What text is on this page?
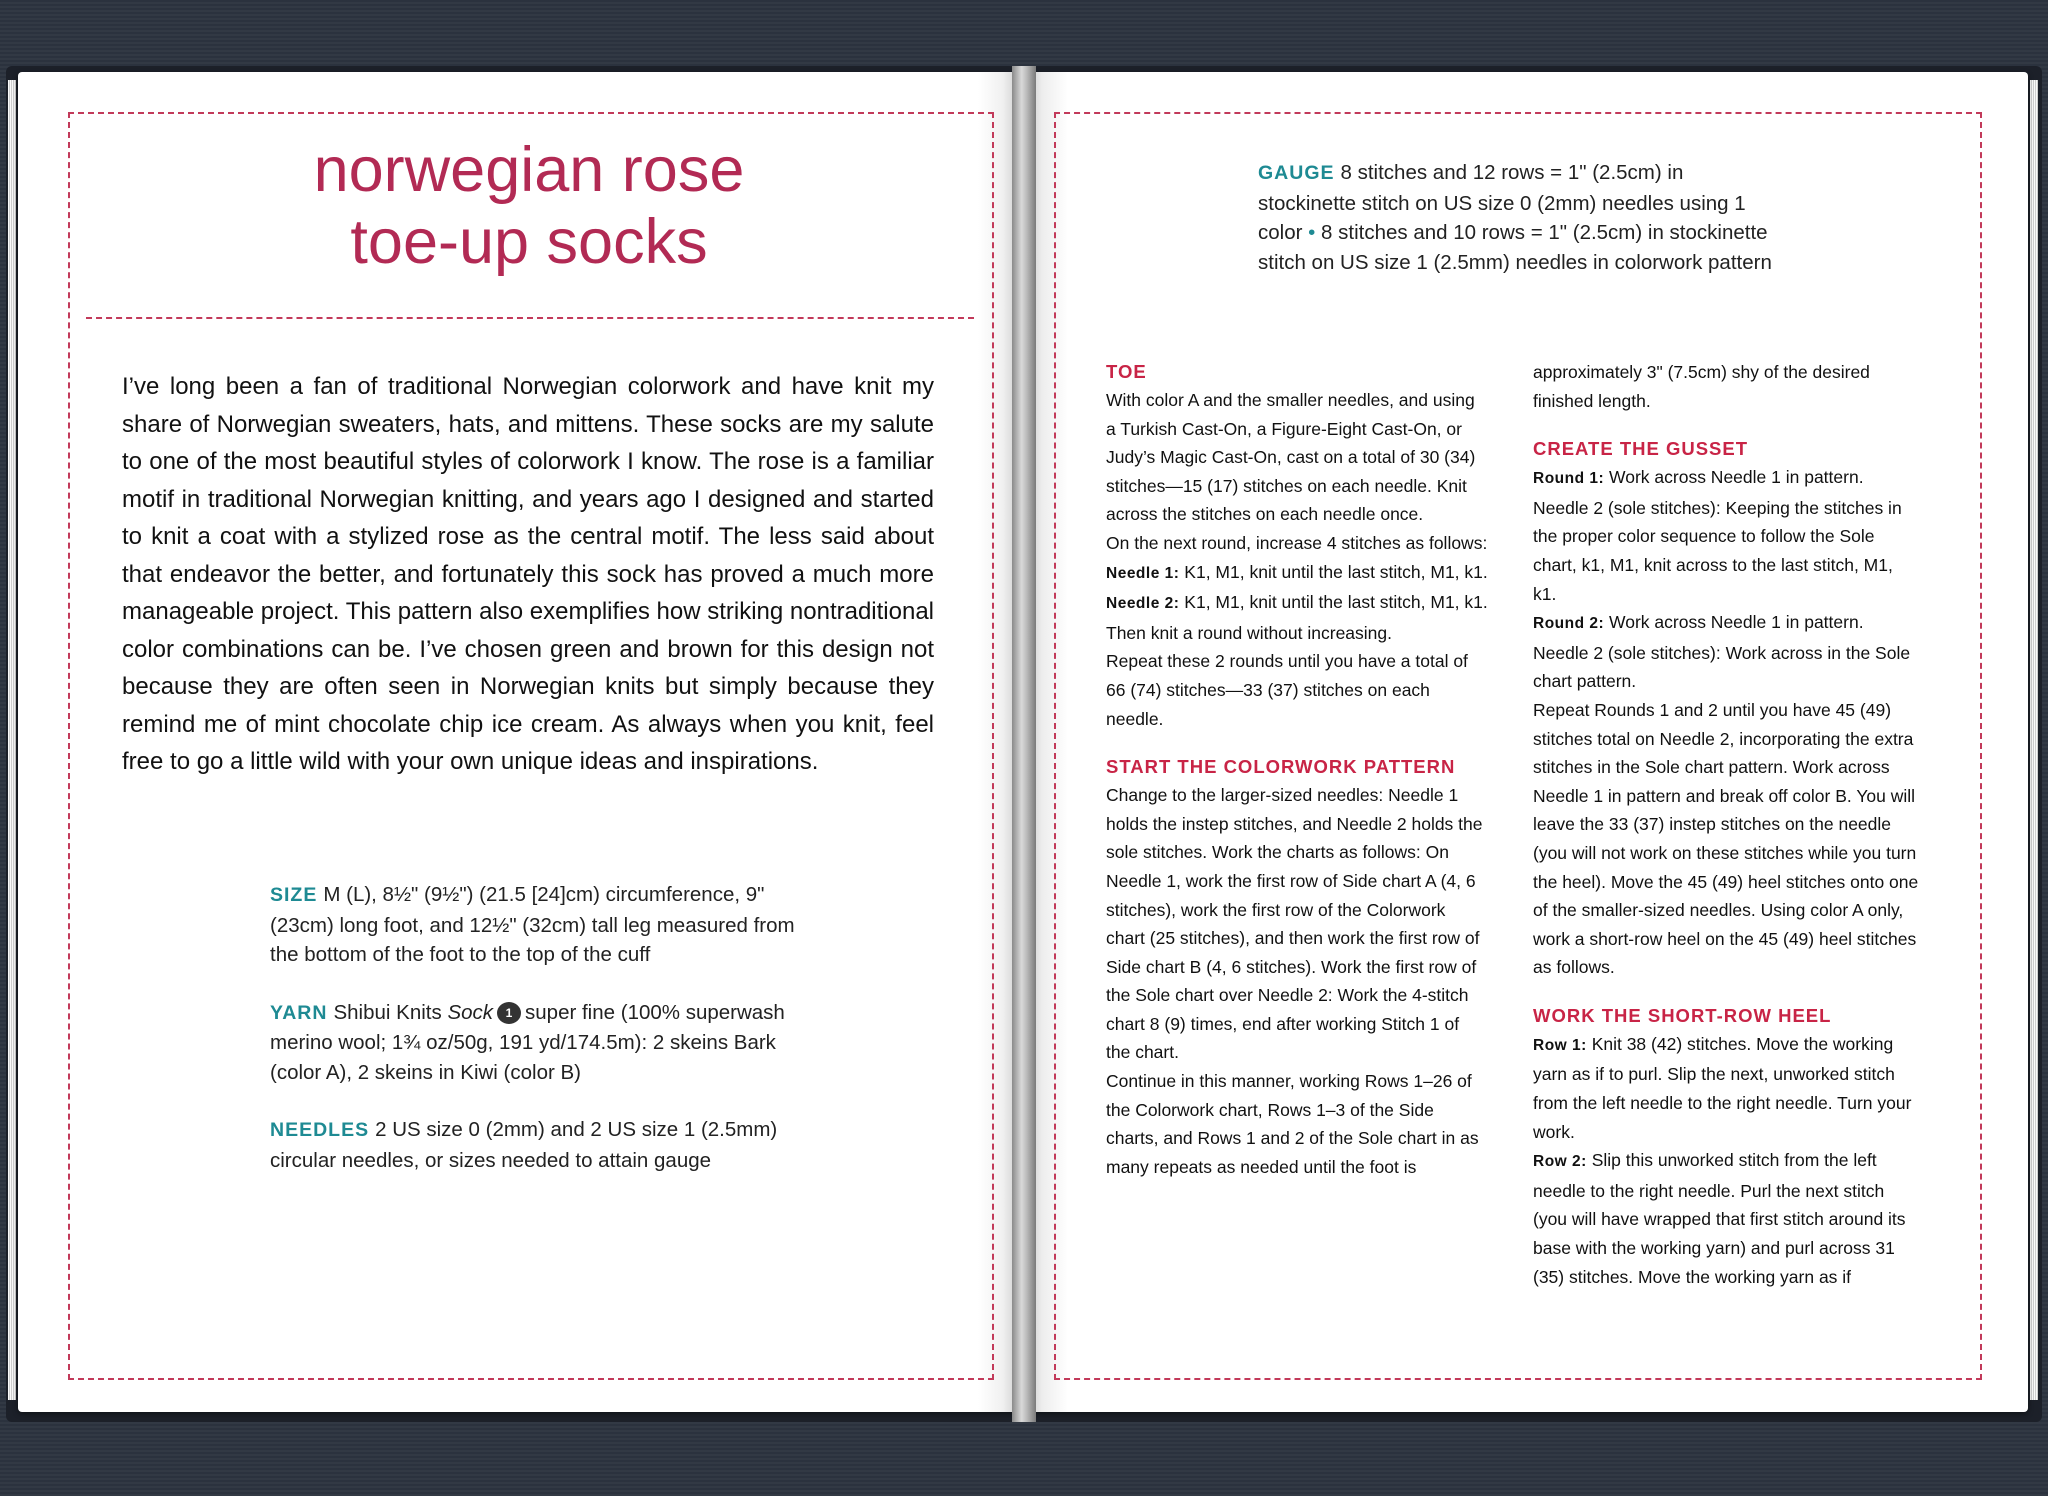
norwegian rose
toe-up socks

I’ve long been a fan of traditional Norwegian colorwork and have knit my share of Norwegian sweaters, hats, and mittens. These socks are my salute to one of the most beautiful styles of colorwork I know. The rose is a familiar motif in traditional Norwegian knitting, and years ago I designed and started to knit a coat with a stylized rose as the central motif. The less said about that endeavor the better, and fortunately this sock has proved a much more manageable project. This pattern also exemplifies how striking nontraditional color combinations can be. I’ve chosen green and brown for this design not because they are often seen in Norwegian knits but simply because they remind me of mint chocolate chip ice cream. As always when you knit, feel free to go a little wild with your own unique ideas and inspirations.

SIZE M (L), 8½" (9½") (21.5 [24]cm) circumference, 9" (23cm) long foot, and 12½" (32cm) tall leg measured from the bottom of the foot to the top of the cuff

YARN Shibui Knits Sock 1 super fine (100% superwash merino wool; 1¾ oz/50g, 191 yd/174.5m): 2 skeins Bark (color A), 2 skeins in Kiwi (color B)

NEEDLES 2 US size 0 (2mm) and 2 US size 1 (2.5mm) circular needles, or sizes needed to attain gauge

GAUGE 8 stitches and 12 rows = 1" (2.5cm) in stockinette stitch on US size 0 (2mm) needles using 1 color • 8 stitches and 10 rows = 1" (2.5cm) in stockinette stitch on US size 1 (2.5mm) needles in colorwork pattern

TOE

With color A and the smaller needles, and using a Turkish Cast-On, a Figure-Eight Cast-On, or Judy’s Magic Cast-On, cast on a total of 30 (34) stitches—15 (17) stitches on each needle. Knit across the stitches on each needle once.

On the next round, increase 4 stitches as follows:

Needle 1: K1, M1, knit until the last stitch, M1, k1.

Needle 2: K1, M1, knit until the last stitch, M1, k1.

Then knit a round without increasing.

Repeat these 2 rounds until you have a total of 66 (74) stitches—33 (37) stitches on each needle.

START THE COLORWORK PATTERN

Change to the larger-sized needles: Needle 1 holds the instep stitches, and Needle 2 holds the sole stitches. Work the charts as follows: On Needle 1, work the first row of Side chart A (4, 6 stitches), work the first row of the Colorwork chart (25 stitches), and then work the first row of Side chart B (4, 6 stitches). Work the first row of the Sole chart over Needle 2: Work the 4-stitch chart 8 (9) times, end after working Stitch 1 of the chart.

Continue in this manner, working Rows 1–26 of the Colorwork chart, Rows 1–3 of the Side charts, and Rows 1 and 2 of the Sole chart in as many repeats as needed until the foot is

approximately 3" (7.5cm) shy of the desired finished length.

CREATE THE GUSSET

Round 1: Work across Needle 1 in pattern. Needle 2 (sole stitches): Keeping the stitches in the proper color sequence to follow the Sole chart, k1, M1, knit across to the last stitch, M1, k1.

Round 2: Work across Needle 1 in pattern. Needle 2 (sole stitches): Work across in the Sole chart pattern.

Repeat Rounds 1 and 2 until you have 45 (49) stitches total on Needle 2, incorporating the extra stitches in the Sole chart pattern. Work across Needle 1 in pattern and break off color B. You will leave the 33 (37) instep stitches on the needle (you will not work on these stitches while you turn the heel). Move the 45 (49) heel stitches onto one of the smaller-sized needles. Using color A only, work a short-row heel on the 45 (49) heel stitches as follows.

WORK THE SHORT-ROW HEEL

Row 1: Knit 38 (42) stitches. Move the working yarn as if to purl. Slip the next, unworked stitch from the left needle to the right needle. Turn your work.

Row 2: Slip this unworked stitch from the left needle to the right needle. Purl the next stitch (you will have wrapped that first stitch around its base with the working yarn) and purl across 31 (35) stitches. Move the working yarn as if
